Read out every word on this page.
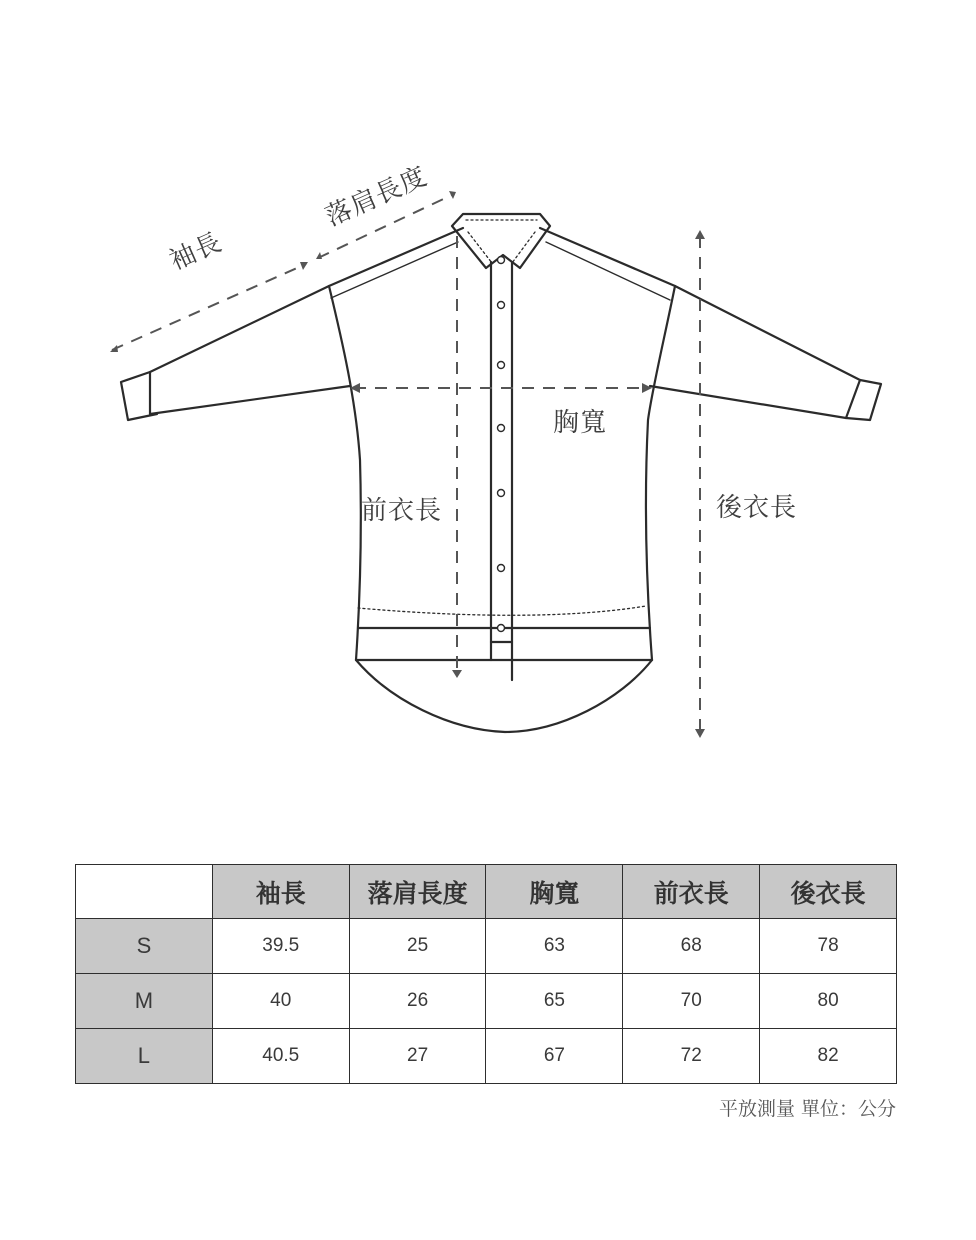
袖長
落肩長度
胸寬
前衣長	後衣長
	袖長	落肩長度	胸寬	前衣長	後衣長
S	39.5	25	63	68	78
M	40	26	65	70	80
L	40.5	27	67	72	82
平放測量 單位：公分
